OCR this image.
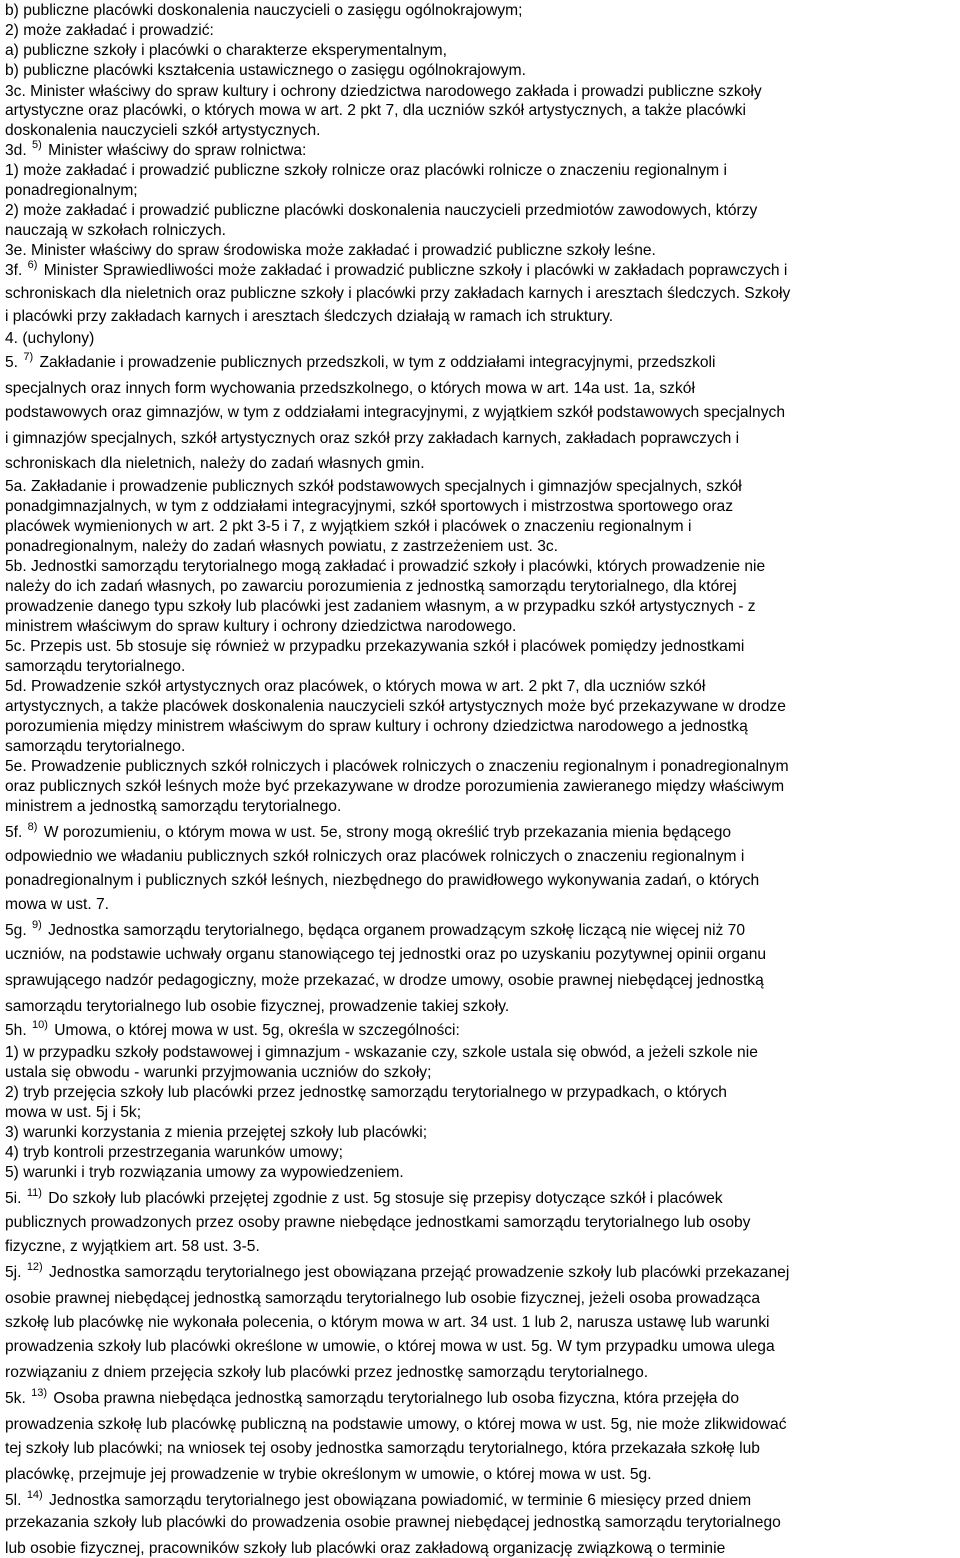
b) publiczne placówki doskonalenia nauczycieli o zasięgu ogólnokrajowym;
2) może zakładać i prowadzić:
a) publiczne szkoły i placówki o charakterze eksperymentalnym,
b) publiczne placówki kształcenia ustawicznego o zasięgu ogólnokrajowym.
3c. Minister właściwy do spraw kultury i ochrony dziedzictwa narodowego zakłada i prowadzi publiczne szkoły
artystyczne oraz placówki, o których mowa w art. 2 pkt 7, dla uczniów szkół artystycznych, a także placówki
doskonalenia nauczycieli szkół artystycznych.
3d. $^{5)}$ Minister właściwy do spraw rolnictwa:
1) może zakładać i prowadzić publiczne szkoły rolnicze oraz placówki rolnicze o znaczeniu regionalnym i
ponadregionalnym;
2) może zakładać i prowadzić publiczne placówki doskonalenia nauczycieli przedmiotów zawodowych, którzy
nauczają w szkołach rolniczych.
3e. Minister właściwy do spraw środowiska może zakładać i prowadzić publiczne szkoły leśne.
3f. $^{6)}$ Minister Sprawiedliwości może zakładać i prowadzić publiczne szkoły i placówki w zakładach poprawczych i
schroniskach dla nieletnich oraz publiczne szkoły i placówki przy zakładach karnych i aresztach śledczych. Szkoły
i placówki przy zakładach karnych i aresztach śledczych działają w ramach ich struktury.
4. (uchylony)
5. $^{7)}$ Zakładanie i prowadzenie publicznych przedszkoli, w tym z oddziałami integracyjnymi, przedszkoli
specjalnych oraz innych form wychowania przedszkolnego, o których mowa w art. 14a ust. 1a, szkół
podstawowych oraz gimnazjów, w tym z oddziałami integracyjnymi, z wyjątkiem szkół podstawowych specjalnych
i gimnazjów specjalnych, szkół artystycznych oraz szkół przy zakładach karnych, zakładach poprawczych i
schroniskach dla nieletnich, należy do zadań własnych gmin.
5a. Zakładanie i prowadzenie publicznych szkół podstawowych specjalnych i gimnazjów specjalnych, szkół
ponadgimnazjalnych, w tym z oddziałami integracyjnymi, szkół sportowych i mistrzostwa sportowego oraz
placówek wymienionych w art. 2 pkt 3-5 i 7, z wyjątkiem szkół i placówek o znaczeniu regionalnym i
ponadregionalnym, należy do zadań własnych powiatu, z zastrzeżeniem ust. 3c.
5b. Jednostki samorządu terytorialnego mogą zakładać i prowadzić szkoły i placówki, których prowadzenie nie
należy do ich zadań własnych, po zawarciu porozumienia z jednostką samorządu terytorialnego, dla której
prowadzenie danego typu szkoły lub placówki jest zadaniem własnym, a w przypadku szkół artystycznych - z
ministrem właściwym do spraw kultury i ochrony dziedzictwa narodowego.
5c. Przepis ust. 5b stosuje się również w przypadku przekazywania szkół i placówek pomiędzy jednostkami
samorządu terytorialnego.
5d. Prowadzenie szkół artystycznych oraz placówek, o których mowa w art. 2 pkt 7, dla uczniów szkół
artystycznych, a także placówek doskonalenia nauczycieli szkół artystycznych może być przekazywane w drodze
porozumienia między ministrem właściwym do spraw kultury i ochrony dziedzictwa narodowego a jednostką
samorządu terytorialnego.
5e. Prowadzenie publicznych szkół rolniczych i placówek rolniczych o znaczeniu regionalnym i ponadregionalnym
oraz publicznych szkół leśnych może być przekazywane w drodze porozumienia zawieranego między właściwym
ministrem a jednostką samorządu terytorialnego.
5f. $^{8)}$ W porozumieniu, o którym mowa w ust. 5e, strony mogą określić tryb przekazania mienia będącego
odpowiednio we władaniu publicznych szkół rolniczych oraz placówek rolniczych o znaczeniu regionalnym i
ponadregionalnym i publicznych szkół leśnych, niezbędnego do prawidłowego wykonywania zadań, o których
mowa w ust. 7.
5g. $^{9)}$ Jednostka samorządu terytorialnego, będąca organem prowadzącym szkołę liczącą nie więcej niż 70
uczniów, na podstawie uchwały organu stanowiącego tej jednostki oraz po uzyskaniu pozytywnej opinii organu
sprawującego nadzór pedagogiczny, może przekazać, w drodze umowy, osobie prawnej niebędącej jednostką
samorządu terytorialnego lub osobie fizycznej, prowadzenie takiej szkoły.
5h. $^{10)}$ Umowa, o której mowa w ust. 5g, określa w szczególności:
1) w przypadku szkoły podstawowej i gimnazjum - wskazanie czy, szkole ustala się obwód, a jeżeli szkole nie
ustala się obwodu - warunki przyjmowania uczniów do szkoły;
2) tryb przejęcia szkoły lub placówki przez jednostkę samorządu terytorialnego w przypadkach, o których
mowa w ust. 5j i 5k;
3) warunki korzystania z mienia przejętej szkoły lub placówki;
4) tryb kontroli przestrzegania warunków umowy;
5) warunki i tryb rozwiązania umowy za wypowiedzeniem.
5i. $^{11)}$ Do szkoły lub placówki przejętej zgodnie z ust. 5g stosuje się przepisy dotyczące szkół i placówek
publicznych prowadzonych przez osoby prawne niebędące jednostkami samorządu terytorialnego lub osoby
fizyczne, z wyjątkiem art. 58 ust. 3-5.
5j. $^{12)}$ Jednostka samorządu terytorialnego jest obowiązana przejąć prowadzenie szkoły lub placówki przekazanej
osobie prawnej niebędącej jednostką samorządu terytorialnego lub osobie fizycznej, jeżeli osoba prowadząca
szkołę lub placówkę nie wykonała polecenia, o którym mowa w art. 34 ust. 1 lub 2, narusza ustawę lub warunki
prowadzenia szkoły lub placówki określone w umowie, o której mowa w ust. 5g. W tym przypadku umowa ulega
rozwiązaniu z dniem przejęcia szkoły lub placówki przez jednostkę samorządu terytorialnego.
5k. $^{13)}$ Osoba prawna niebędąca jednostką samorządu terytorialnego lub osoba fizyczna, która przejęła do
prowadzenia szkołę lub placówkę publiczną na podstawie umowy, o której mowa w ust. 5g, nie może zlikwidować
tej szkoły lub placówki; na wniosek tej osoby jednostka samorządu terytorialnego, która przekazała szkołę lub
placówkę, przejmuje jej prowadzenie w trybie określonym w umowie, o której mowa w ust. 5g.
5l. $^{14)}$ Jednostka samorządu terytorialnego jest obowiązana powiadomić, w terminie 6 miesięcy przed dniem
przekazania szkoły lub placówki do prowadzenia osobie prawnej niebędącej jednostką samorządu terytorialnego
lub osobie fizycznej, pracowników szkoły lub placówki oraz zakładową organizację związkową o terminie
